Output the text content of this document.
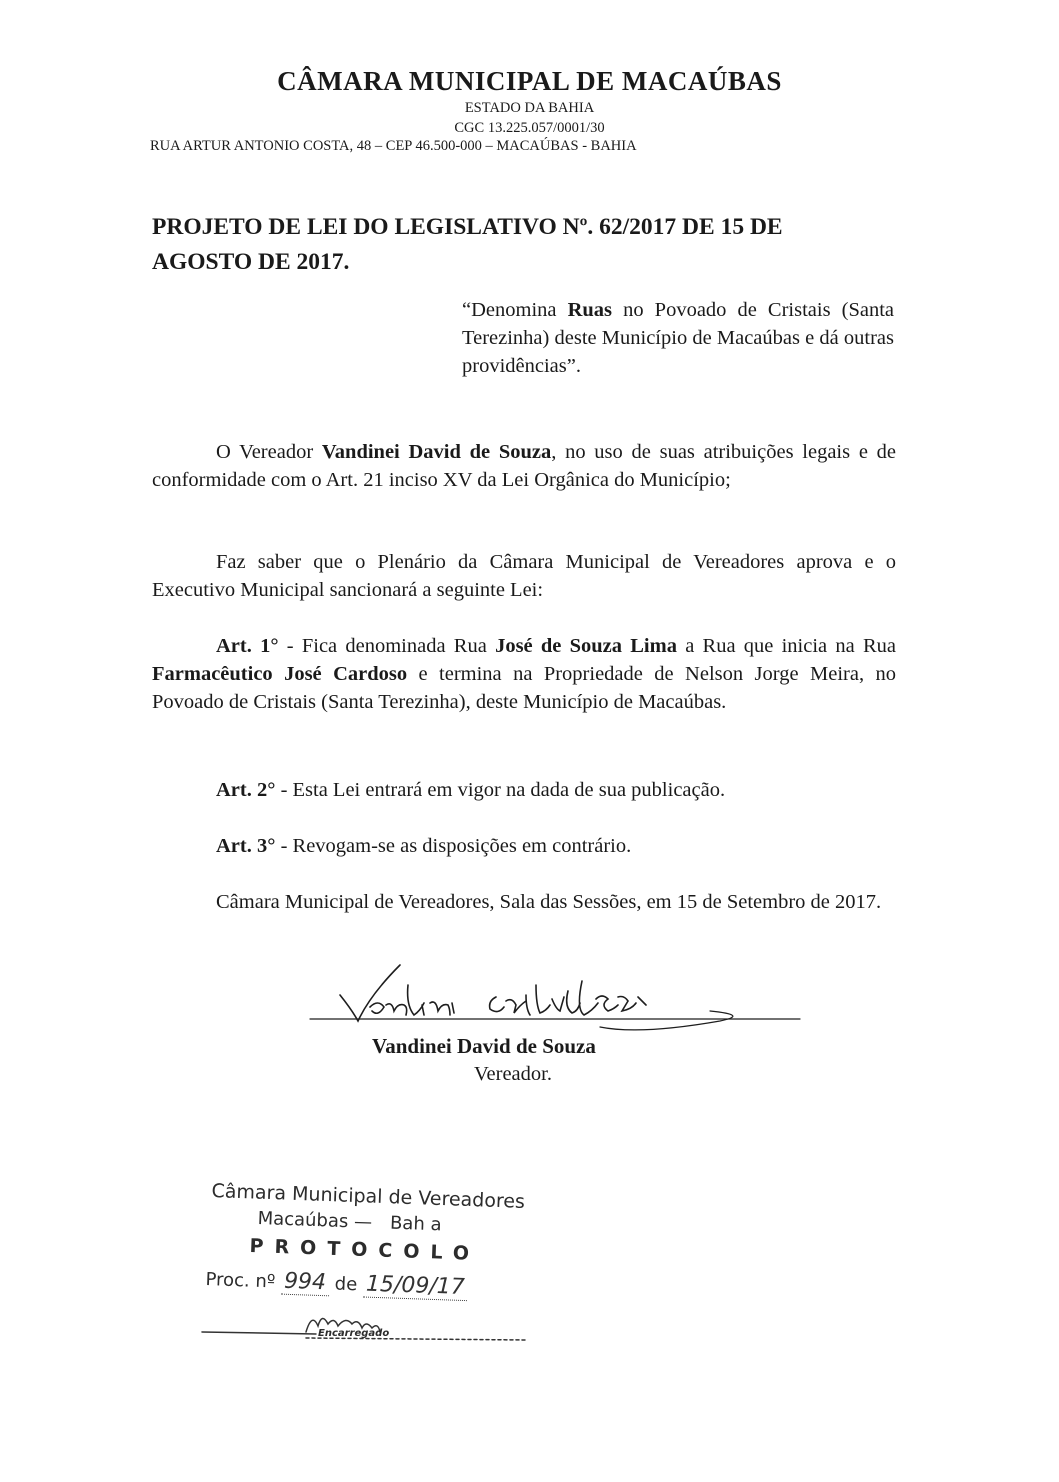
CÂMARA MUNICIPAL DE MACAÚBAS
ESTADO DA BAHIA
CGC 13.225.057/0001/30
RUA ARTUR ANTONIO COSTA, 48 – CEP 46.500-000 – MACAÚBAS - BAHIA
PROJETO DE LEI DO LEGISLATIVO Nº. 62/2017 DE 15 DE AGOSTO DE 2017.
“Denomina Ruas no Povoado de Cristais (Santa Terezinha) deste Município de Macaúbas e dá outras providências”.
O Vereador Vandinei David de Souza, no uso de suas atribuições legais e de conformidade com o Art. 21 inciso XV da Lei Orgânica do Município;
Faz saber que o Plenário da Câmara Municipal de Vereadores aprova e o Executivo Municipal sancionará a seguinte Lei:
Art. 1° - Fica denominada Rua José de Souza Lima a Rua que inicia na Rua Farmacêutico José Cardoso e termina na Propriedade de Nelson Jorge Meira, no Povoado de Cristais (Santa Terezinha), deste Município de Macaúbas.
Art. 2° - Esta Lei entrará em vigor na dada de sua publicação.
Art. 3° - Revogam-se as disposições em contrário.
Câmara Municipal de Vereadores, Sala das Sessões, em 15 de Setembro de 2017.
Vandinei David de Souza
Vereador.
Câmara Municipal de Vereadores
Macaúbas — Bah a
PROTOCOLO
Proc. nº 994 de 15/09/17
Encarregado
